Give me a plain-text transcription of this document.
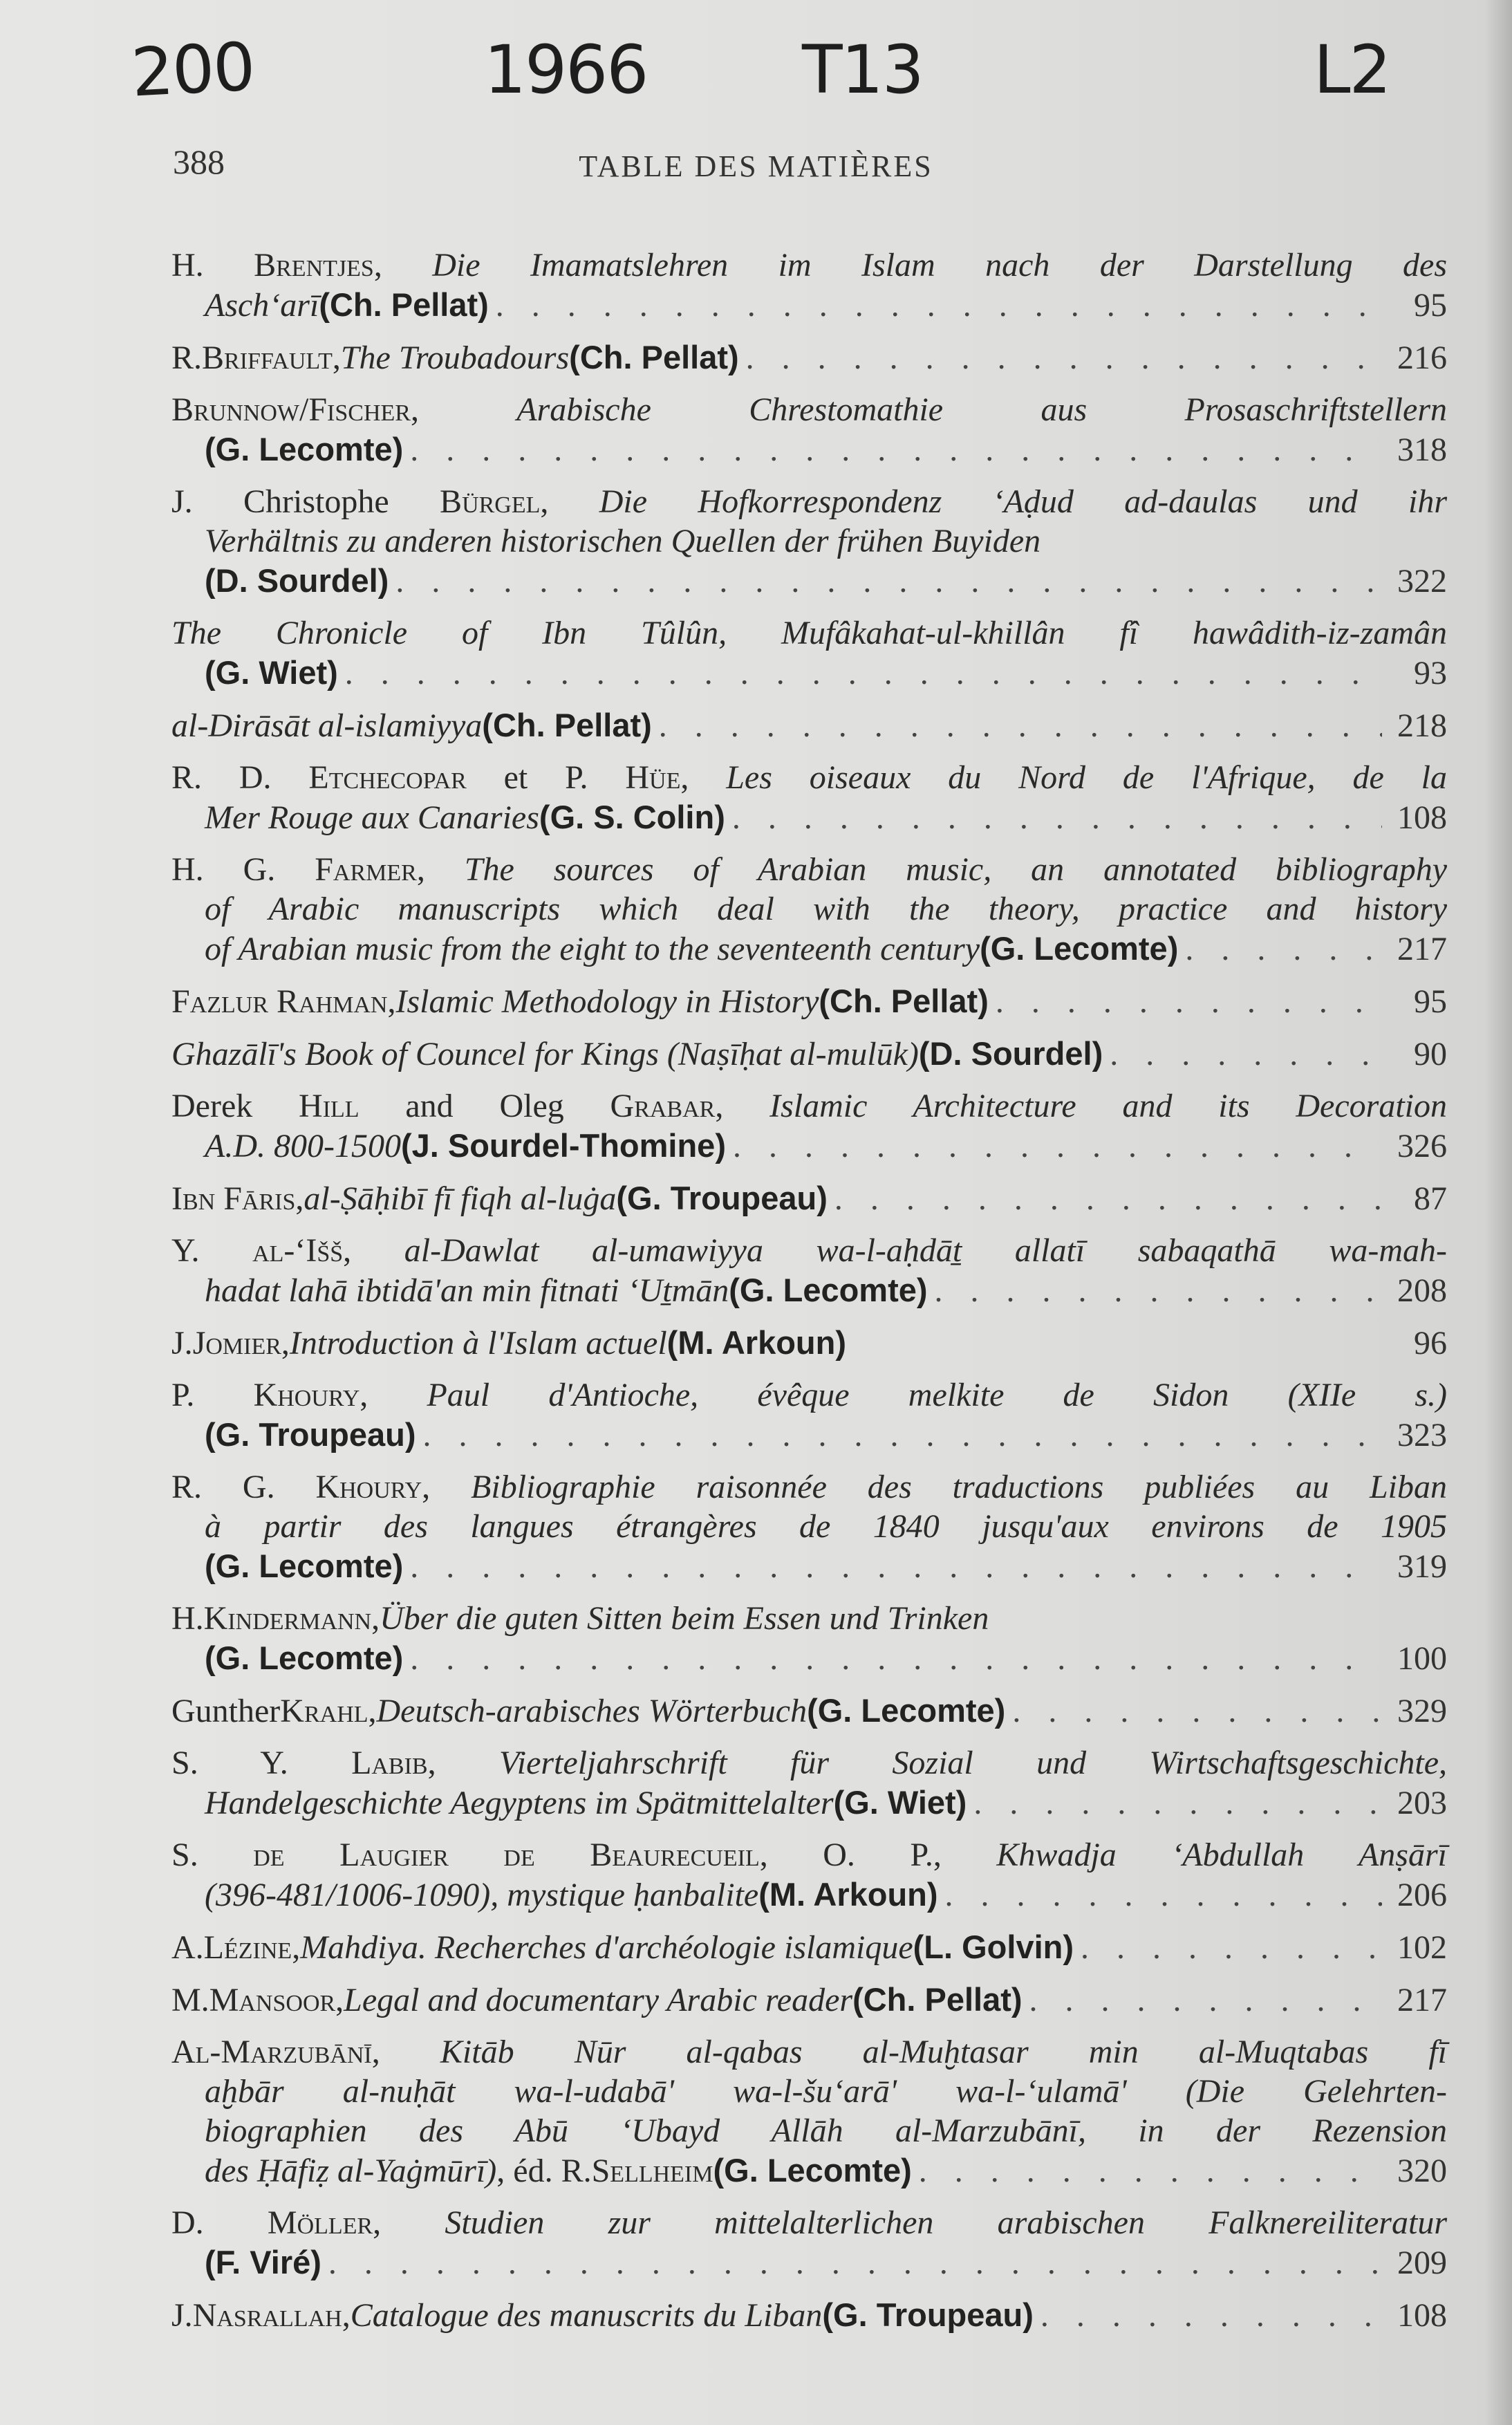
200	1966 T13	L2
388	TABLE DES MATIÈRES
H. Brentjes, Die Imamatslehren im Islam nach der Darstellung des
Asch‘arī (Ch. Pellat) . . .	95
R. Briffault , The Troubadours (Ch. Pellat) . . .	216
Brunnow/Fischer, Arabische Chrestomathie aus Prosaschriftstellern
(G. Lecomte) . . .	318
J. Christophe Bürgel, Die Hofkorrespondenz ‘Aḍud ad-daulas und ihr
Verhältnis zu anderen historischen Quellen der frühen Buyiden
(D. Sourdel) . . .	322
The Chronicle of Ibn Tûlûn, Mufâkahat-ul-khillân fî hawâdith-iz-zamân
(G. Wiet) . . .	93
al-Dirāsāt al-islamiyya (Ch. Pellat) . . .	218
R. D. Etchecopar et P. Hüe, Les oiseaux du Nord de l'Afrique, de la
Mer Rouge aux Canaries (G. S. Colin) . . .	108
H. G. Farmer, The sources of Arabian music, an annotated bibliography
of Arabic manuscripts which deal with the theory, practice and history
of Arabian music from the eight to the seventeenth century (G. Lecomte) . . .	217
Fazlur Rahman , Islamic Methodology in History (Ch. Pellat) . . .	95
Ghazālī's Book of Councel for Kings (Naṣīḥat al-mulūk) (D. Sourdel) . . .	90
Derek Hill and Oleg Grabar, Islamic Architecture and its Decoration
A.D. 800-1500 (J. Sourdel-Thomine) . . .	326
Ibn Fāris , al-Ṣāḥibī fī fiqh al-luġa (G. Troupeau) . . .	87
Y. al-‘Išš, al-Dawlat al-umawiyya wa-l-aḥdāṯ allatī sabaqathā wa-mah-
hadat lahā ibtidā'an min fitnati ‘Uṯmān (G. Lecomte) . . .	208
J. Jomier , Introduction à l'Islam actuel (M. Arkoun)	96
P. Khoury, Paul d'Antioche, évêque melkite de Sidon (XIIe s.)
(G. Troupeau) . . .	323
R. G. Khoury, Bibliographie raisonnée des traductions publiées au Liban
à partir des langues étrangères de 1840 jusqu'aux environs de 1905
(G. Lecomte) . . .	319
H. Kindermann , Über die guten Sitten beim Essen und Trinken
(G. Lecomte) . . .	100
Gunther Krahl , Deutsch-arabisches Wörterbuch (G. Lecomte) . . .	329
S. Y. Labib, Vierteljahrschrift für Sozial und Wirtschaftsgeschichte,
Handelgeschichte Aegyptens im Spätmittelalter (G. Wiet) . . .	203
S. de Laugier de Beaurecueil, O. P., Khwadja ‘Abdullah Anṣārī
(396-481/1006-1090), mystique ḥanbalite (M. Arkoun) . . .	206
A. Lézine , Mahdiya. Recherches d'archéologie islamique (L. Golvin) . . .	102
M. Mansoor , Legal and documentary Arabic reader (Ch. Pellat) . . .	217
Al-Marzubānī, Kitāb Nūr al-qabas al-Muḫtasar min al-Muqtabas fī
aḫbār al-nuḥāt wa-l-udabā' wa-l-šu‘arā' wa-l-‘ulamā' (Die Gelehrten-
biographien des Abū ‘Ubayd Allāh al-Marzubānī, in der Rezension
des Ḥāfiẓ al-Yaġmūrī) , éd. R. Sellheim (G. Lecomte) . . .	320
D. Möller, Studien zur mittelalterlichen arabischen Falknereiliteratur
(F. Viré) . . .	209
J. Nasrallah , Catalogue des manuscrits du Liban (G. Troupeau) . . .	108
